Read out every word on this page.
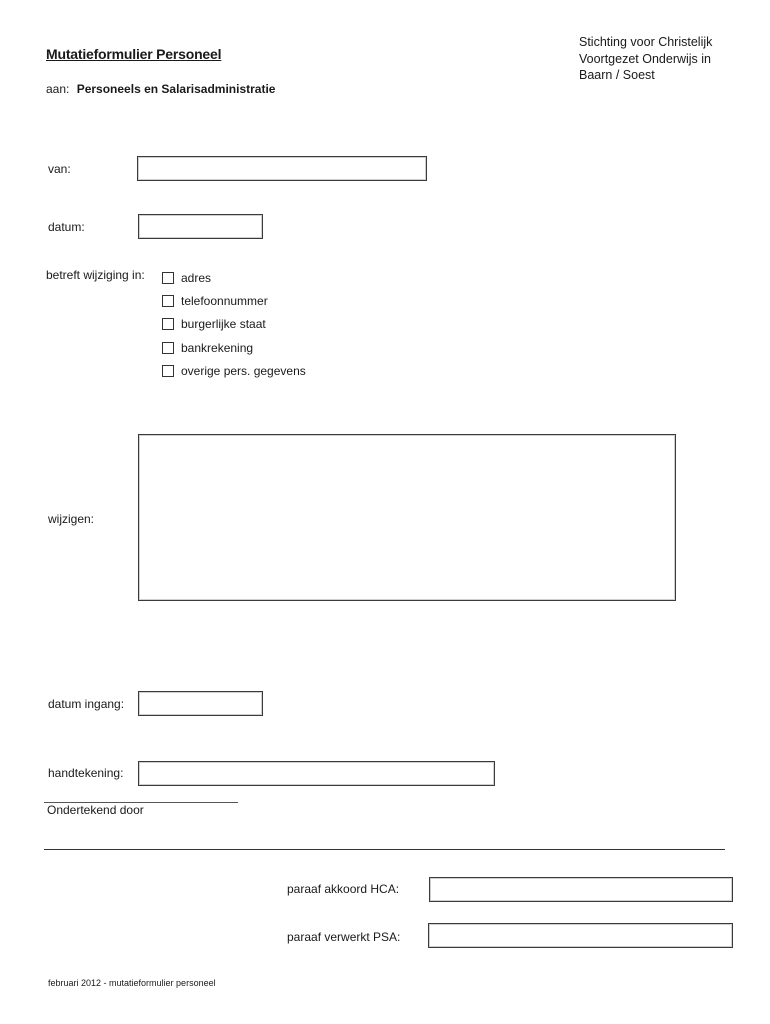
Mutatieformulier Personeel
aan: Personeels en Salarisadministratie
Stichting voor Christelijk
Voortgezet Onderwijs in
Baarn / Soest
van:
datum:
betreft wijziging in:	adres
telefoonnummer
burgerlijke staat
bankrekening
overige pers. gegevens
wijzigen:
datum ingang:
handtekening:
Ondertekend door
paraaf akkoord HCA:
paraaf verwerkt PSA:
februari 2012 - mutatieformulier personeel
